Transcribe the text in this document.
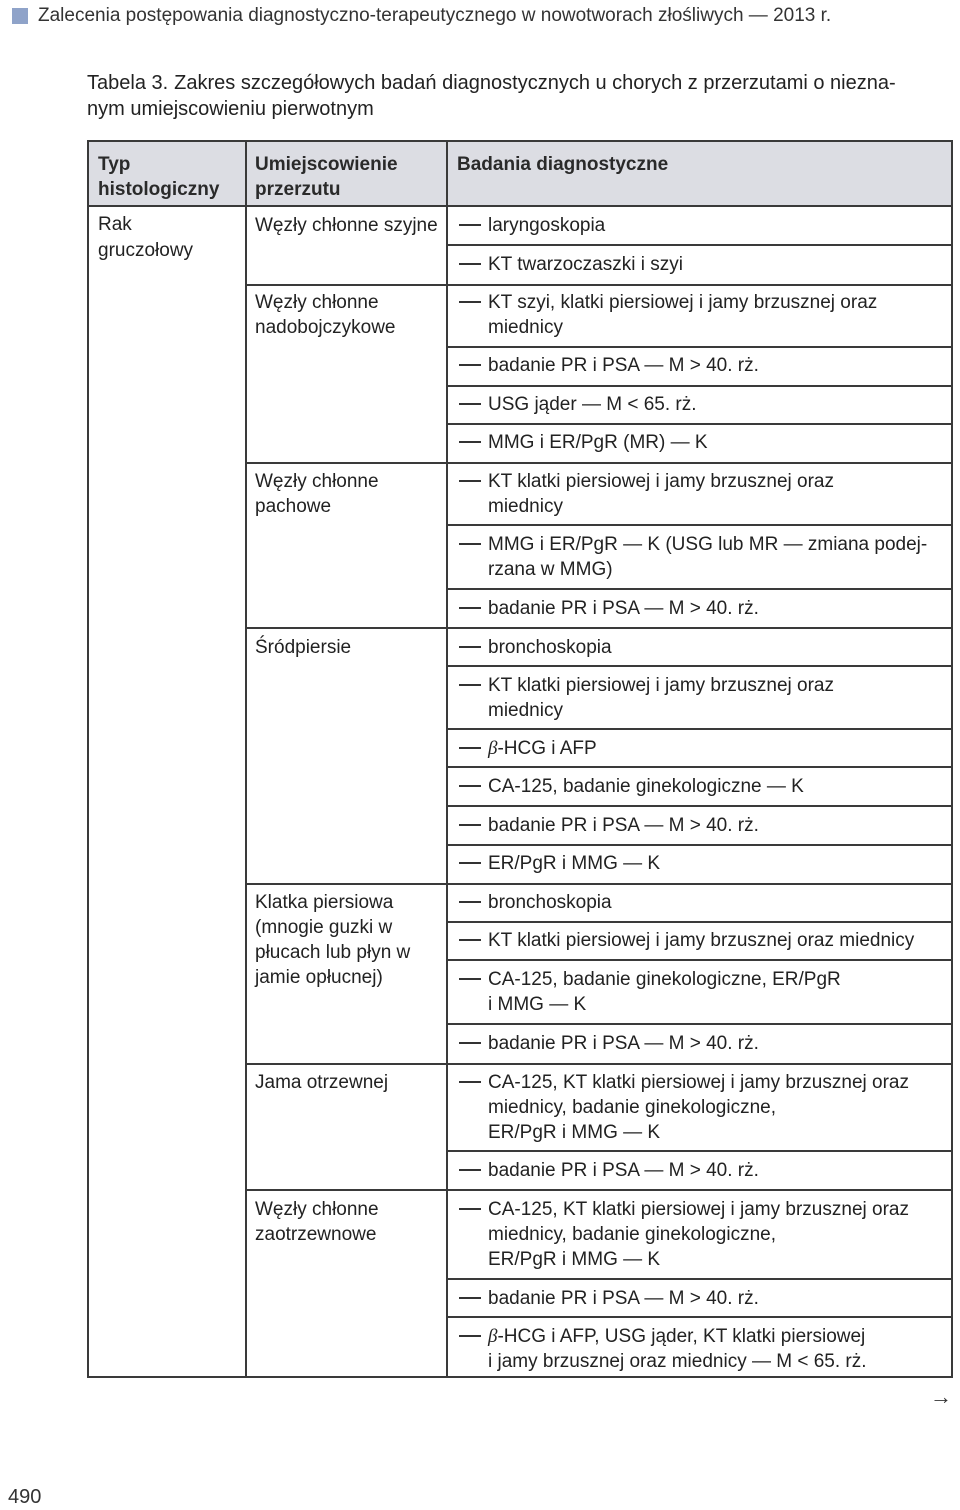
Zalecenia postępowania diagnostyczno-terapeutycznego w nowotworach złośliwych — 2013 r.
Tabela 3. Zakres szczegółowych badań diagnostycznych u chorych z przerzutami o niezna-nym umiejscowieniu pierwotnym
Typ histologiczny
Umiejscowienie przerzutu
Badania diagnostyczne
Rak gruczołowy
Węzły chłonne szyjne
Węzły chłonne nadobojczykowe
Węzły chłonne pachowe
Śródpiersie
Klatka piersiowa (mnogie guzki w płucach lub płyn w jamie opłucnej)
Jama otrzewnej
Węzły chłonne zaotrzewnowe
laryngoskopia
KT twarzoczaszki i szyi
KT szyi, klatki piersiowej i jamy brzusznej oraz
miednicy
badanie PR i PSA — M > 40. rż.
USG jąder — M < 65. rż.
MMG i ER/PgR (MR) — K
KT klatki piersiowej i jamy brzusznej oraz
miednicy
MMG i ER/PgR — K (USG lub MR — zmiana podej-
rzana w MMG)
badanie PR i PSA — M > 40. rż.
bronchoskopia
KT klatki piersiowej i jamy brzusznej oraz
miednicy
β-HCG i AFP
CA-125, badanie ginekologiczne — K
badanie PR i PSA — M > 40. rż.
ER/PgR i MMG — K
bronchoskopia
KT klatki piersiowej i jamy brzusznej oraz miednicy
CA-125, badanie ginekologiczne, ER/PgR
i MMG — K
badanie PR i PSA — M > 40. rż.
CA-125, KT klatki piersiowej i jamy brzusznej oraz
miednicy, badanie ginekologiczne,
ER/PgR i MMG — K
badanie PR i PSA — M > 40. rż.
CA-125, KT klatki piersiowej i jamy brzusznej oraz
miednicy, badanie ginekologiczne,
ER/PgR i MMG — K
badanie PR i PSA — M > 40. rż.
β-HCG i AFP, USG jąder, KT klatki piersiowej
i jamy brzusznej oraz miednicy — M < 65. rż.
→
490
